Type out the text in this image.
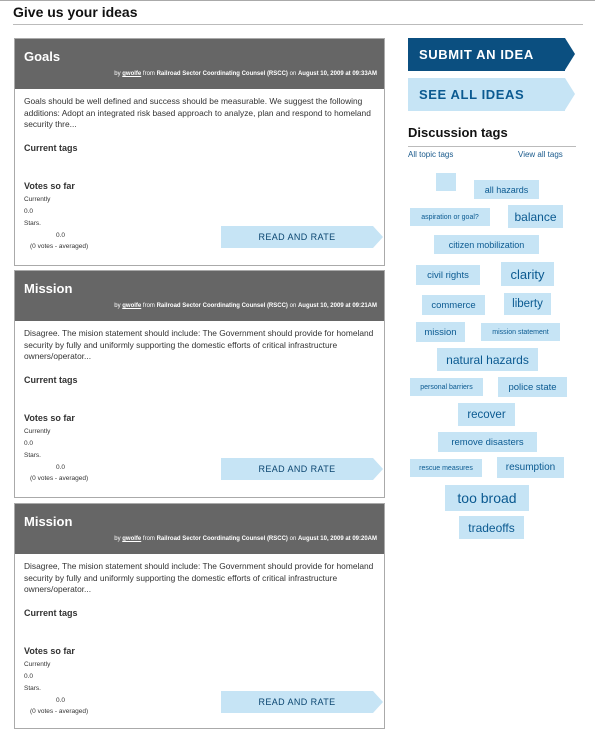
Give us your ideas
Goals
by gwolfe from Railroad Sector Coordinating Counsel (RSCC) on August 10, 2009 at 09:33AM
Goals should be well defined and success should be measurable. We suggest the following additions: Adopt an integrated risk based approach to analyze, plan and respond to homeland security thre...
Current tags
Votes so far
Currently
0.0
Stars.
0.0
(0 votes - averaged)
READ AND RATE
Mission
by gwolfe from Railroad Sector Coordinating Counsel (RSCC) on August 10, 2009 at 09:21AM
Disagree. The mision statement should include: The Government should provide for homeland security by fully and uniformly supporting the domestic efforts of critical infrastructure owners/operator...
Current tags
Votes so far
Currently
0.0
Stars.
0.0
(0 votes - averaged)
READ AND RATE
Mission
by gwolfe from Railroad Sector Coordinating Counsel (RSCC) on August 10, 2009 at 09:20AM
Disagree, The mision statement should include: The Government should provide for homeland security by fully and uniformly supporting the domestic efforts of critical infrastructure owners/operator...
Current tags
Votes so far
Currently
0.0
Stars.
0.0
(0 votes - averaged)
READ AND RATE
SUBMIT AN IDEA
SEE ALL IDEAS
Discussion tags
All topic tags	View all tags
all hazards
aspiration or goal?	balance
citizen mobilization
civil rights	clarity
commerce	liberty
mission	mission statement
natural hazards
personal barriers	police state
recover
remove disasters
rescue measures	resumption
too broad
tradeoffs
